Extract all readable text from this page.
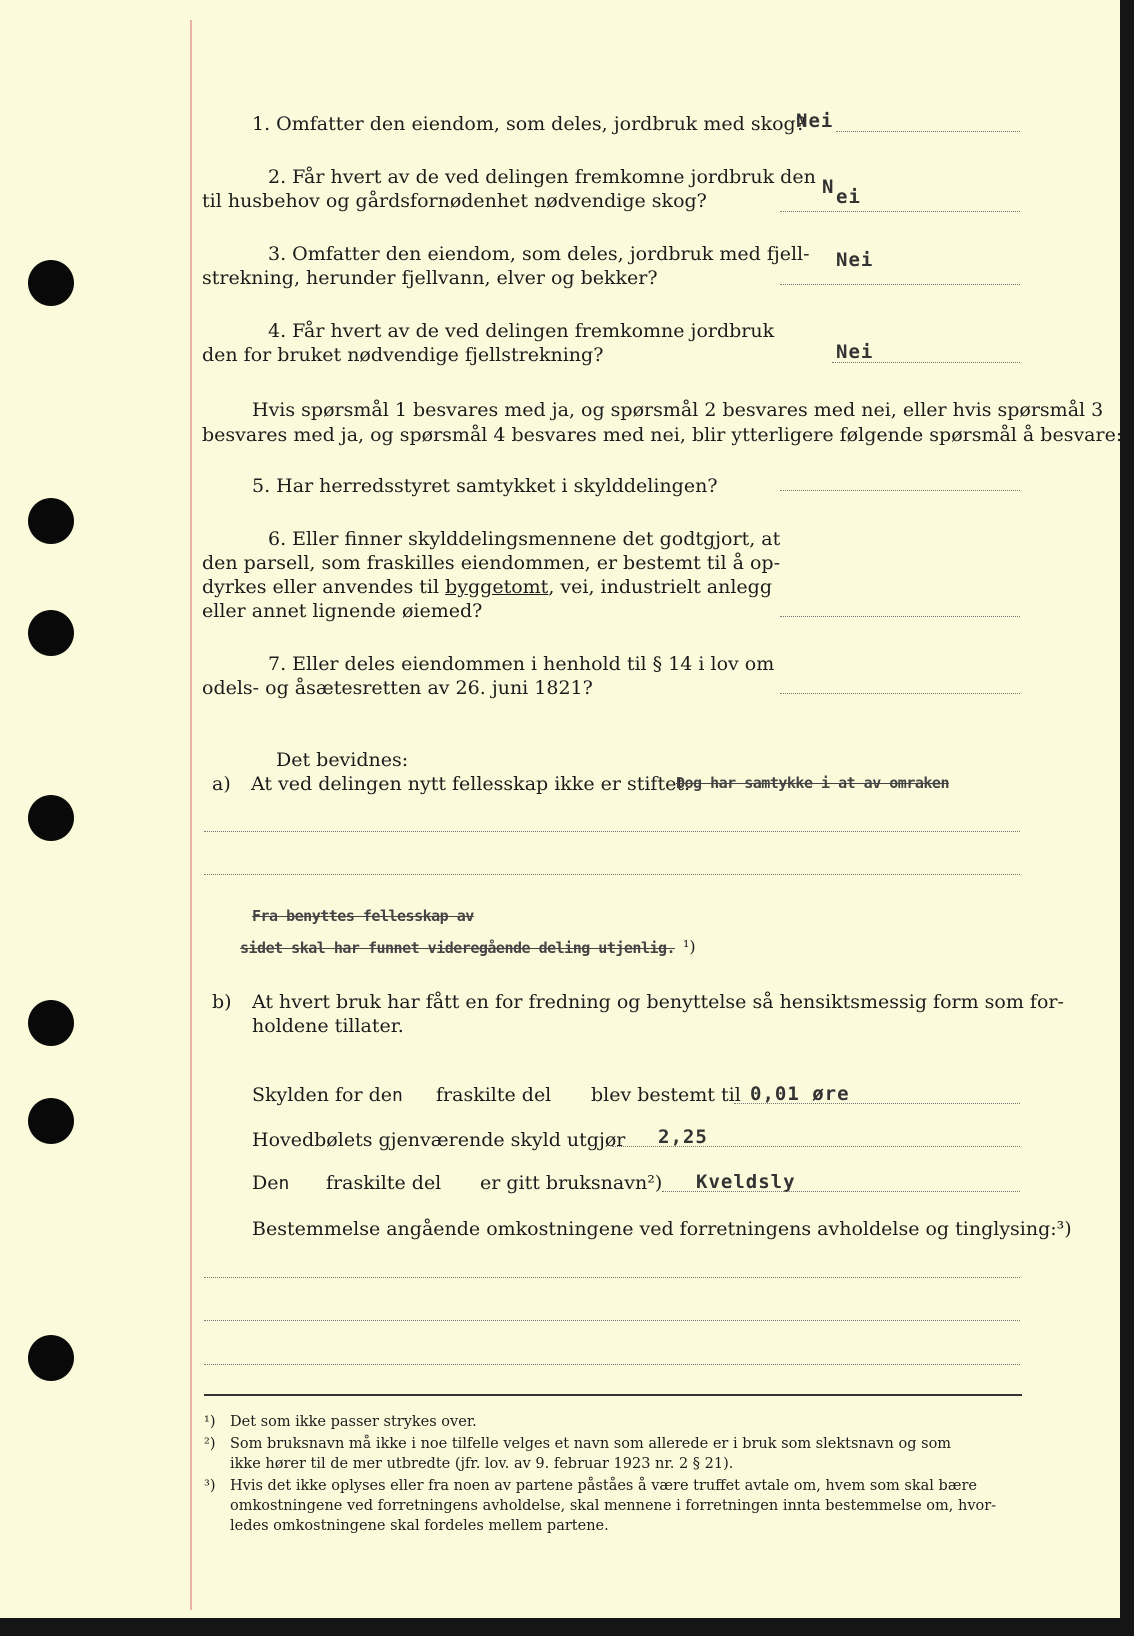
1. Omfatter den eiendom, som deles, jordbruk med skog?
Nei
2. Får hvert av de ved delingen fremkomne jordbruk den
til husbehov og gårdsfornødenhet nødvendige skog?
N ei
3. Omfatter den eiendom, som deles, jordbruk med fjell-
strekning, herunder fjellvann, elver og bekker?
Nei
4. Får hvert av de ved delingen fremkomne jordbruk
den for bruket nødvendige fjellstrekning?	Nei
Hvis spørsmål 1 besvares med ja, og spørsmål 2 besvares med nei, eller hvis spørsmål 3
besvares med ja, og spørsmål 4 besvares med nei, blir ytterligere følgende spørsmål å besvare:
5. Har herredsstyret samtykket i skylddelingen?
6. Eller finner skylddelingsmennene det godtgjort, at
den parsell, som fraskilles eiendommen, er bestemt til å op-
dyrkes eller anvendes til byggetomt, vei, industrielt anlegg
eller annet lignende øiemed?
7. Eller deles eiendommen i henhold til § 14 i lov om
odels- og åsætesretten av 26. juni 1821?
Det bevidnes:
a) At ved delingen nytt fellesskap ikke er stiftet.
Dog har samtykke i at av omraken
Fra benyttes fellesskap av
sidet skal har funnet videregående deling utjenlig. ¹)
b) At hvert bruk har fått en for fredning og benyttelse så hensiktsmessig form som for-
holdene tillater.
Skylden for den fraskilte del blev bestemt til 0,01 øre
Hovedbølets gjenværende skyld utgjør 2,25
Den fraskilte del er gitt bruksnavn²) Kveldsly
Bestemmelse angående omkostningene ved forretningens avholdelse og tinglysing:³)
¹) Det som ikke passer strykes over.
²) Som bruksnavn må ikke i noe tilfelle velges et navn som allerede er i bruk som slektsnavn og som
ikke hører til de mer utbredte (jfr. lov. av 9. februar 1923 nr. 2 § 21).
³) Hvis det ikke oplyses eller fra noen av partene påståes å være truffet avtale om, hvem som skal bære
omkostningene ved forretningens avholdelse, skal mennene i forretningen innta bestemmelse om, hvor-
ledes omkostningene skal fordeles mellem partene.
